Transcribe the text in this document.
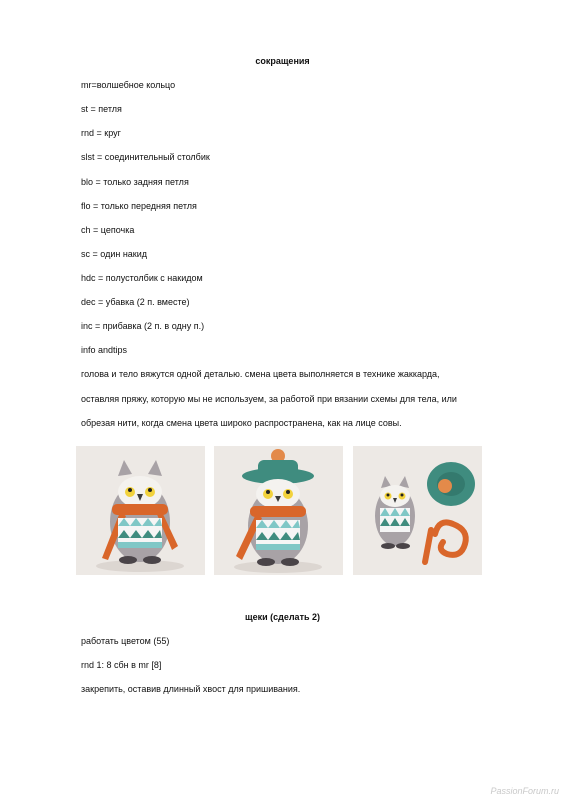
сокращения
mr=волшебное кольцо
st = петля
rnd = круг
slst = соединительный столбик
blo = только задняя петля
flo = только передняя петля
ch = цепочка
sc = один накид
hdc = полустолбик с накидом
dec = убавка (2 п. вместе)
inc = прибавка (2 п. в одну п.)
info andtips
голова и тело вяжутся одной деталью. смена цвета выполняется в технике жаккарда,
оставляя пряжу, которую мы не используем, за работой при вязании схемы для тела, или
обрезая нити, когда смена цвета широко распространена, как на лице совы.
щеки (сделать 2)
работать цветом (55)
rnd 1: 8 сбн в mr [8]
закрепить, оставив длинный хвост для пришивания.
PassionForum.ru
